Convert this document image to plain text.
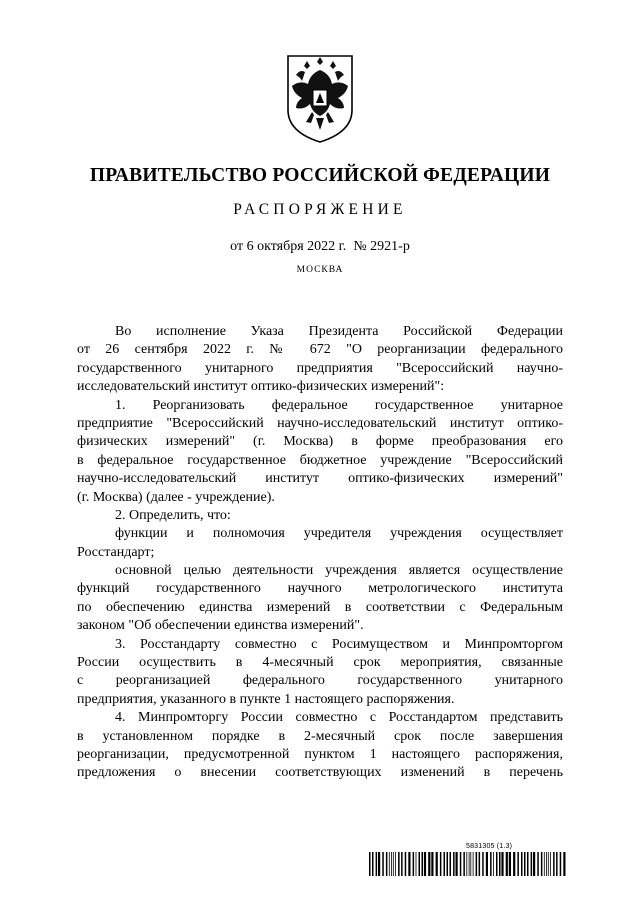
ПРАВИТЕЛЬСТВО РОССИЙСКОЙ ФЕДЕРАЦИИ
РАСПОРЯЖЕНИЕ
от 6 октября 2022 г. № 2921-р
МОСКВА
Во исполнение Указа Президента Российской Федерации
от 26 сентября 2022 г. № 672 "О реорганизации федерального
государственного унитарного предприятия "Всероссийский научно-
исследовательский институт оптико-физических измерений":
1. Реорганизовать федеральное государственное унитарное
предприятие "Всероссийский научно-исследовательский институт оптико-
физических измерений" (г. Москва) в форме преобразования его
в федеральное государственное бюджетное учреждение "Всероссийский
научно-исследовательский институт оптико-физических измерений"
(г. Москва) (далее - учреждение).
2. Определить, что:
функции и полномочия учредителя учреждения осуществляет
Росстандарт;
основной целью деятельности учреждения является осуществление
функций государственного научного метрологического института
по обеспечению единства измерений в соответствии с Федеральным
законом "Об обеспечении единства измерений".
3. Росстандарту совместно с Росимуществом и Минпромторгом
России осуществить в 4-месячный срок мероприятия, связанные
с реорганизацией федерального государственного унитарного
предприятия, указанного в пункте 1 настоящего распоряжения.
4. Минпромторгу России совместно с Росстандартом представить
в установленном порядке в 2-месячный срок после завершения
реорганизации, предусмотренной пунктом 1 настоящего распоряжения,
предложения о внесении соответствующих изменений в перечень
5831305 (1.3)
